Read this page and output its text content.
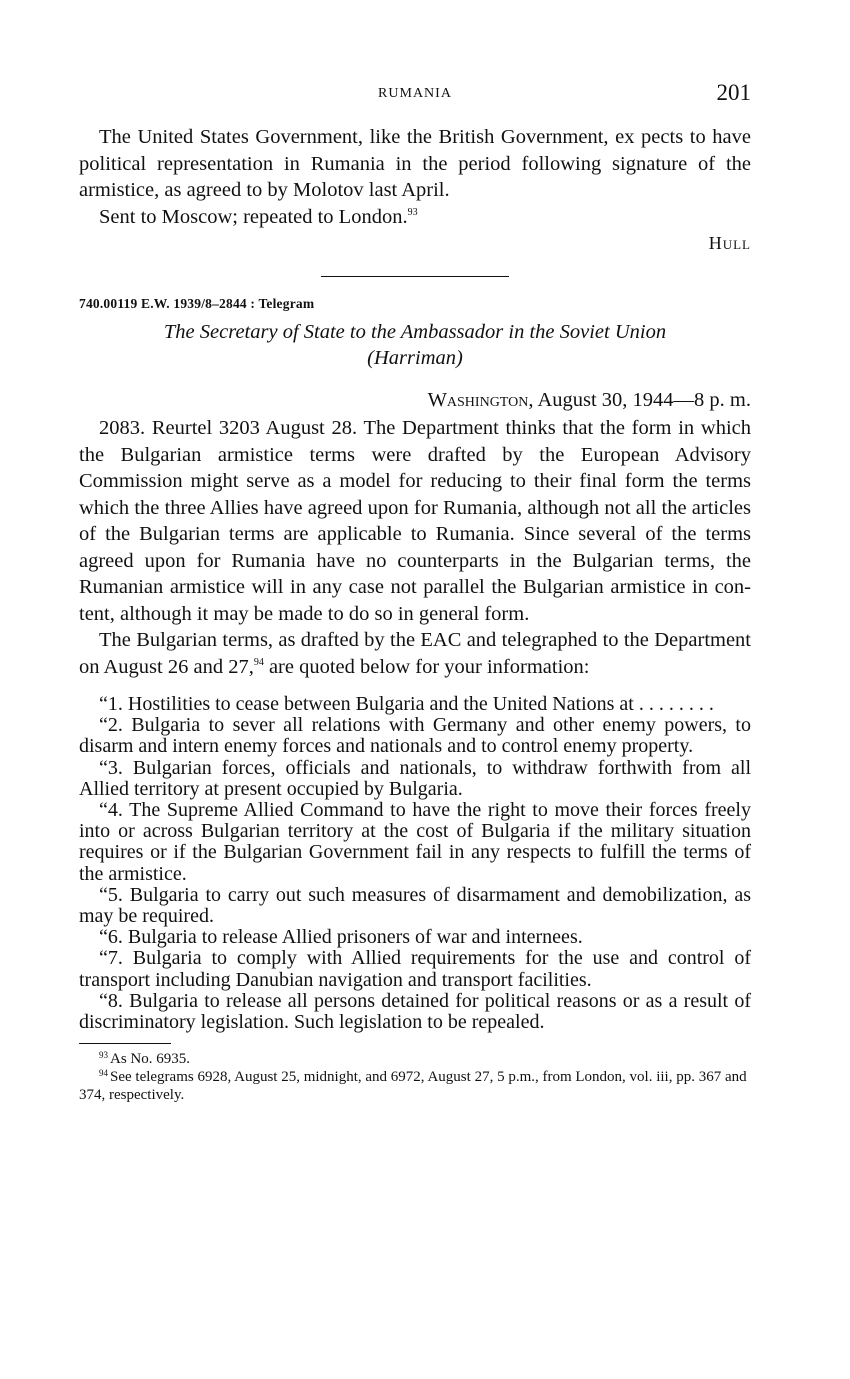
RUMANIA	201

The United States Government, like the British Government, ex pects to have political representation in Rumania in the period following signature of the armistice, as agreed to by Molotov last April.

Sent to Moscow; repeated to London.$^{93}$

Hull
740.00119 E.W. 1939/8–2844 : Telegram
The Secretary of State to the Ambassador in the Soviet Union
(Harriman)
Washington, August 30, 1944—8 p. m.

2083. Reurtel 3203 August 28. The Department thinks that the form in which the Bulgarian armistice terms were drafted by the European Advisory Commission might serve as a model for reducing to their final form the terms which the three Allies have agreed upon for Rumania, although not all the articles of the Bulgarian terms are applicable to Rumania. Since several of the terms agreed upon for Rumania have no counterparts in the Bulgarian terms, the Rumanian armistice will in any case not parallel the Bulgarian armistice in content, although it may be made to do so in general form.

The Bulgarian terms, as drafted by the EAC and telegraphed to the Department on August 26 and 27,94 are quoted below for your information:

“1. Hostilities to cease between Bulgaria and the United Nations at . . . . . . . .

“2. Bulgaria to sever all relations with Germany and other enemy powers, to disarm and intern enemy forces and nationals and to control enemy property.

“3. Bulgarian forces, officials and nationals, to withdraw forthwith from all Allied territory at present occupied by Bulgaria.

“4. The Supreme Allied Command to have the right to move their forces freely into or across Bulgarian territory at the cost of Bulgaria if the military situation requires or if the Bulgarian Government fail in any respects to fulfill the terms of the armistice.

“5. Bulgaria to carry out such measures of disarmament and demobilization, as may be required.

“6. Bulgaria to release Allied prisoners of war and internees.

“7. Bulgaria to comply with Allied requirements for the use and control of transport including Danubian navigation and transport facilities.

“8. Bulgaria to release all persons detained for political reasons or as a result of discriminatory legislation. Such legislation to be repealed.

$^{93}$ As No. 6935.

$^{94}$ See telegrams 6928, August 25, midnight, and 6972, August 27, 5 p.m., from London, vol. iii, pp. 367 and 374, respectively.
